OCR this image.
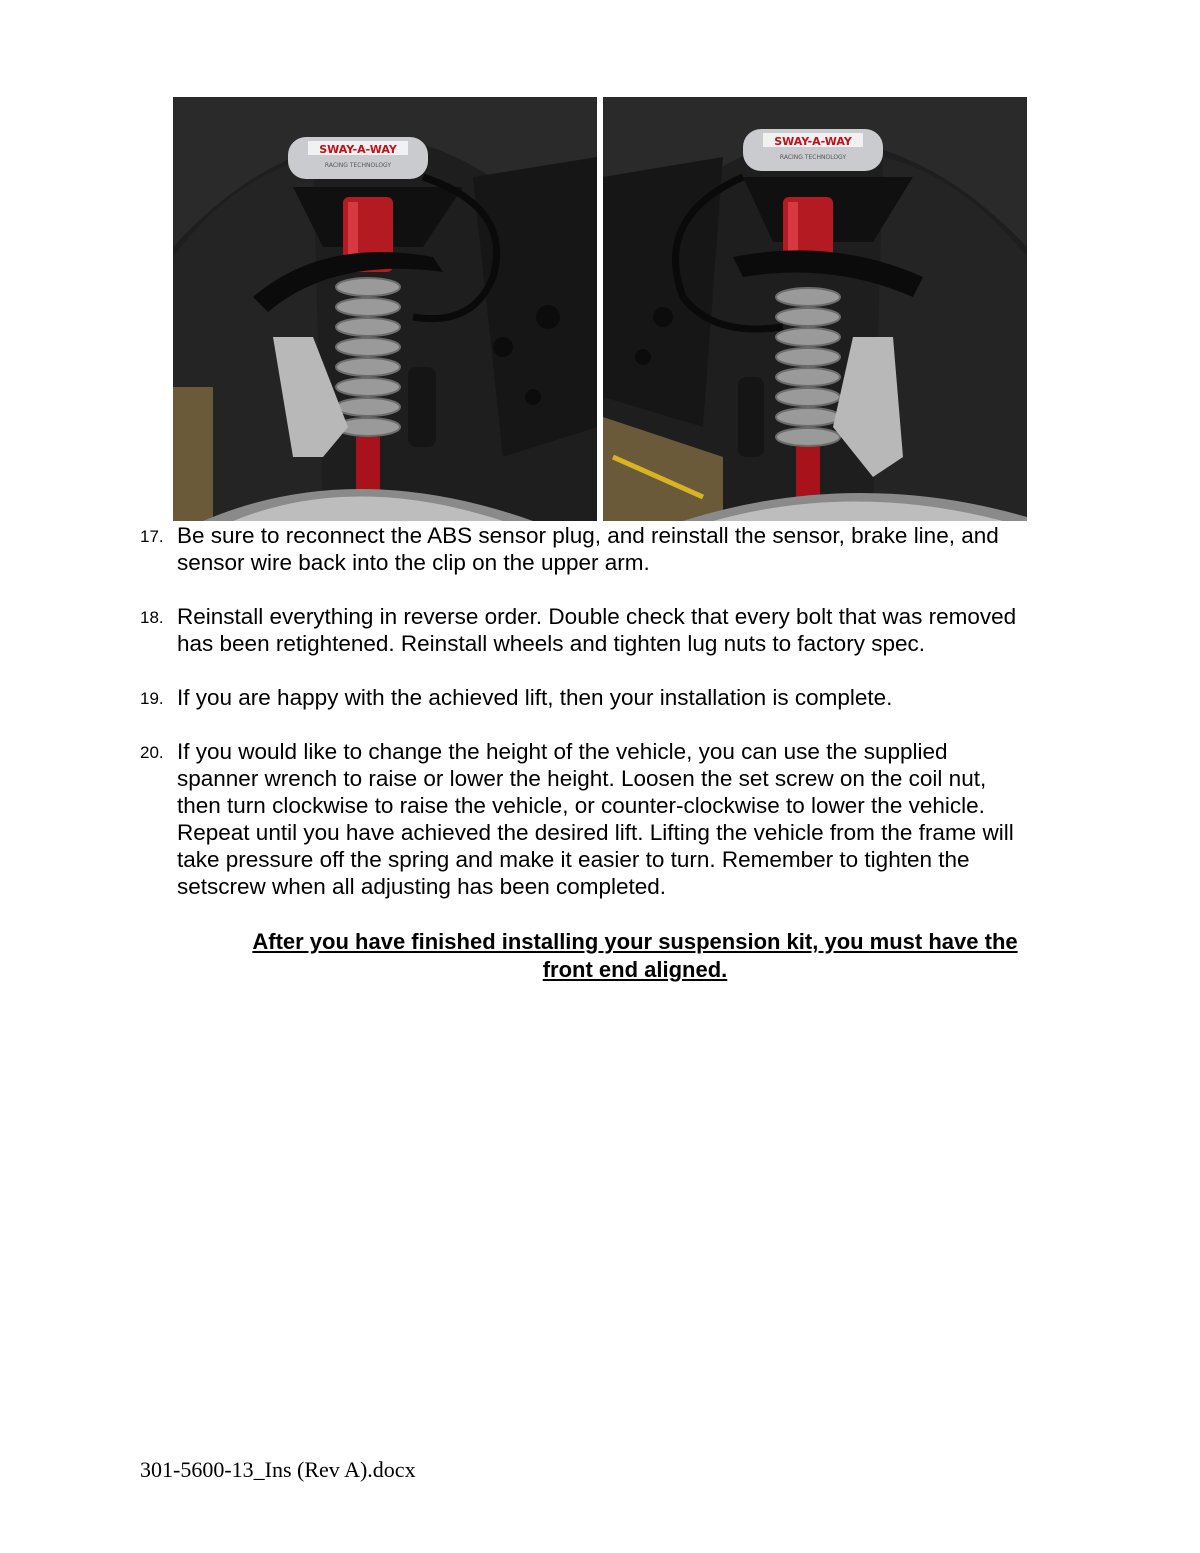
SWAY-A-WAY
RACING TECHNOLOGY
SWAY-A-WAY
RACING TECHNOLOGY
17. Be sure to reconnect the ABS sensor plug, and reinstall the sensor, brake line, and
sensor wire back into the clip on the upper arm.
18. Reinstall everything in reverse order. Double check that every bolt that was removed
has been retightened. Reinstall wheels and tighten lug nuts to factory spec.
19. If you are happy with the achieved lift, then your installation is complete.
20. If you would like to change the height of the vehicle, you can use the supplied
spanner wrench to raise or lower the height. Loosen the set screw on the coil nut,
then turn clockwise to raise the vehicle, or counter-clockwise to lower the vehicle.
Repeat until you have achieved the desired lift. Lifting the vehicle from the frame will
take pressure off the spring and make it easier to turn. Remember to tighten the
setscrew when all adjusting has been completed.
After you have finished installing your suspension kit, you must have the
front end aligned.
301-5600-13_Ins (Rev A).docx
